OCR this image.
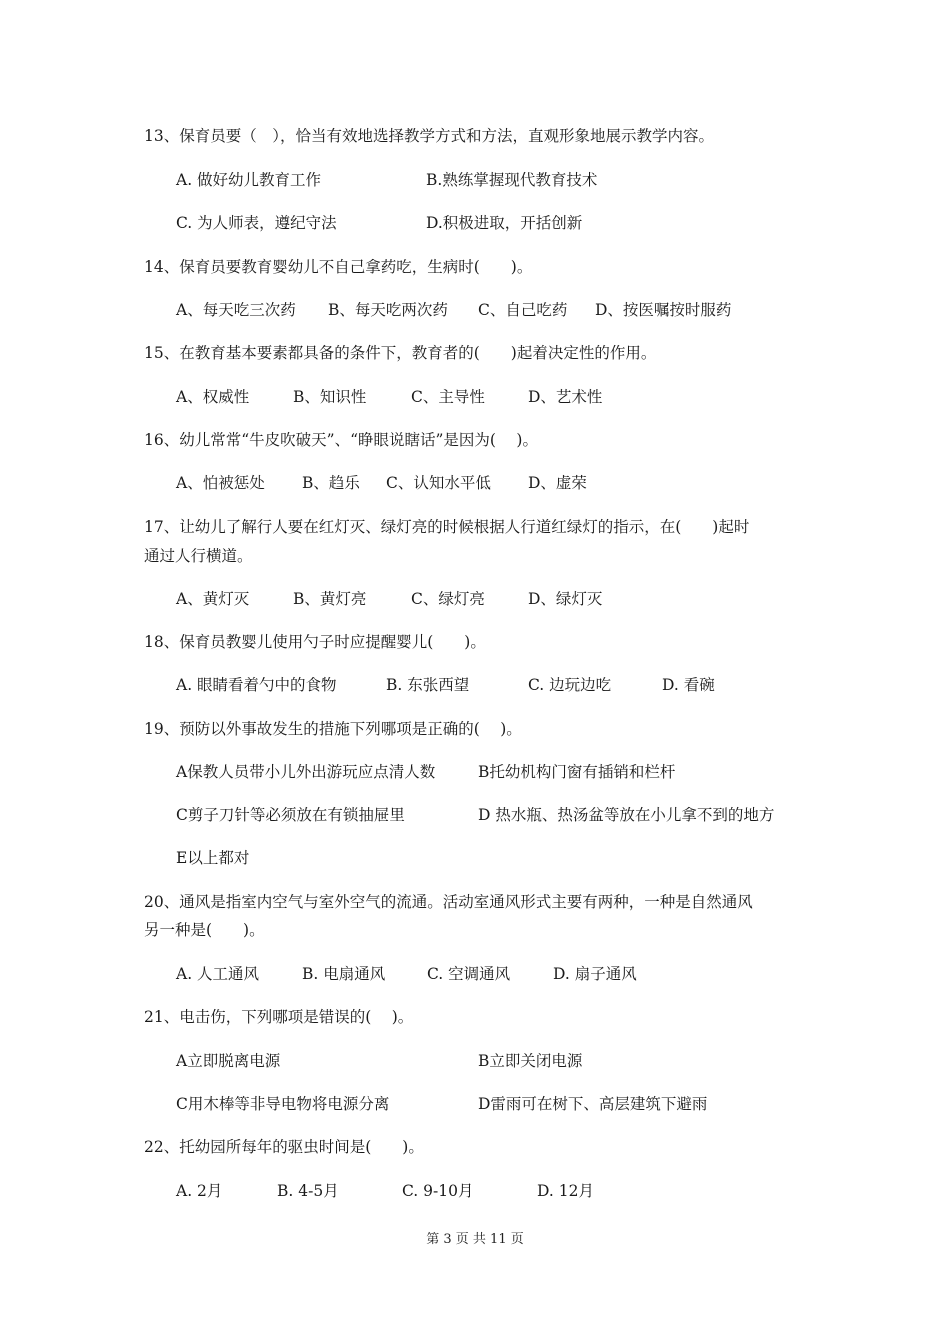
13、保育员要（　），恰当有效地选择教学方式和方法，直观形象地展示教学内容。
A. 做好幼儿教育工作	B.熟练掌握现代教育技术
C. 为人师表，遵纪守法	D.积极进取，开括创新
14、保育员要教育婴幼儿不自己拿药吃，生病时(　　)。
A、每天吃三次药 B、每天吃两次药 C、自己吃药 D、按医嘱按时服药
15、在教育基本要素都具备的条件下，教育者的(　　)起着决定性的作用。
A、权威性	B、知识性	C、主导性	D、艺术性
16、幼儿常常“牛皮吹破天”、“睁眼说瞎话”是因为(　 )。
A、怕被惩处 B、趋乐 C、认知水平低 D、虚荣
17、让幼儿了解行人要在红灯灭、绿灯亮的时候根据人行道红绿灯的指示，在(　　)起时
通过人行横道。
A、黄灯灭	B、黄灯亮	C、绿灯亮	D、绿灯灭
18、保育员教婴儿使用勺子时应提醒婴儿(　　)。
A. 眼睛看着勺中的食物	B. 东张西望	C. 边玩边吃	D. 看碗
19、预防以外事故发生的措施下列哪项是正确的(　 )。
A保教人员带小儿外出游玩应点清人数	B托幼机构门窗有插销和栏杆
C剪子刀针等必须放在有锁抽屉里	D 热水瓶、热汤盆等放在小儿拿不到的地方
E以上都对
20、通风是指室内空气与室外空气的流通。活动室通风形式主要有两种，一种是自然通风
另一种是(　　)。
A. 人工通风	B. 电扇通风	C. 空调通风	D. 扇子通风
21、电击伤，下列哪项是错误的(　 )。
A立即脱离电源	B立即关闭电源
C用木棒等非导电物将电源分离	D雷雨可在树下、高层建筑下避雨
22、托幼园所每年的驱虫时间是(　　)。
A. 2月	B. 4-5月	C. 9-10月	D. 12月
第 3 页 共 11 页
